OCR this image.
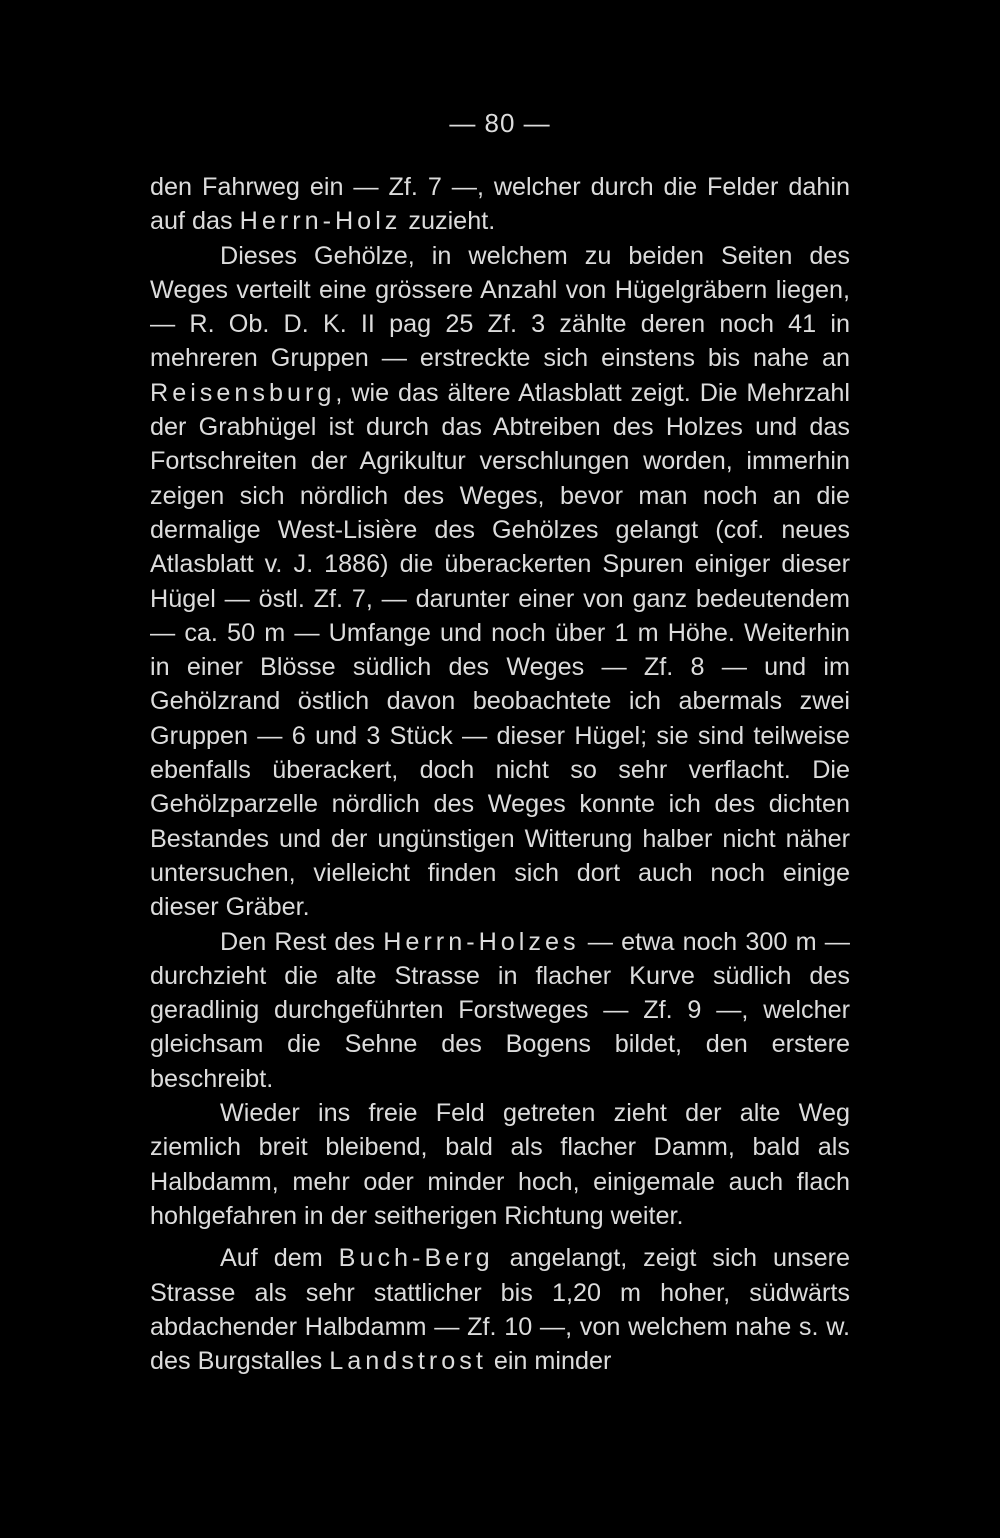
— 80 —

den Fahrweg ein — Zf. 7 —, welcher durch die Felder dahin auf das Herrn-Holz zuzieht.

Dieses Gehölze, in welchem zu beiden Seiten des Weges verteilt eine grössere Anzahl von Hügelgräbern liegen, — R. Ob. D. K. II pag 25 Zf. 3 zählte deren noch 41 in mehreren Gruppen — erstreckte sich einstens bis nahe an Reisensburg, wie das ältere Atlasblatt zeigt. Die Mehrzahl der Grabhügel ist durch das Abtreiben des Holzes und das Fortschreiten der Agrikultur verschlungen worden, immerhin zeigen sich nördlich des Weges, bevor man noch an die dermalige West-Lisière des Gehölzes gelangt (cof. neues Atlasblatt v. J. 1886) die überackerten Spuren einiger dieser Hügel — östl. Zf. 7, — darunter einer von ganz bedeutendem — ca. 50 m — Umfange und noch über 1 m Höhe. Weiterhin in einer Blösse südlich des Weges — Zf. 8 — und im Gehölzrand östlich davon beobachtete ich abermals zwei Gruppen — 6 und 3 Stück — dieser Hügel; sie sind teilweise ebenfalls überackert, doch nicht so sehr verflacht. Die Gehölzparzelle nördlich des Weges konnte ich des dichten Bestandes und der ungünstigen Witterung halber nicht näher untersuchen, vielleicht finden sich dort auch noch einige dieser Gräber.

Den Rest des Herrn-Holzes — etwa noch 300 m — durchzieht die alte Strasse in flacher Kurve südlich des geradlinig durchgeführten Forstweges — Zf. 9 —, welcher gleichsam die Sehne des Bogens bildet, den erstere beschreibt.

Wieder ins freie Feld getreten zieht der alte Weg ziemlich breit bleibend, bald als flacher Damm, bald als Halbdamm, mehr oder minder hoch, einigemale auch flach hohlgefahren in der seitherigen Richtung weiter.

Auf dem Buch-Berg angelangt, zeigt sich unsere Strasse als sehr stattlicher bis 1,20 m hoher, südwärts abdachender Halbdamm — Zf. 10 —, von welchem nahe s. w. des Burgstalles Landstrost ein minder
